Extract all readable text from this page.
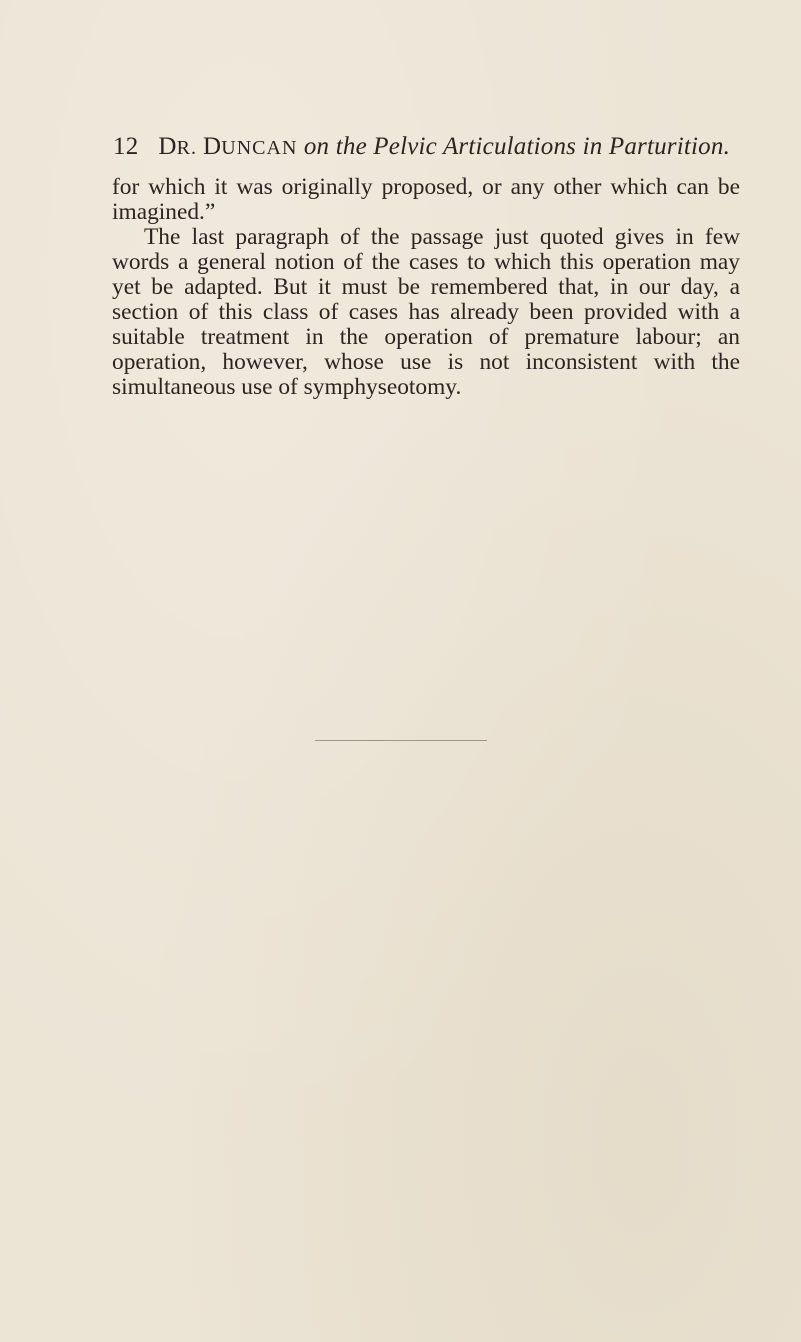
12 DR. DUNCAN on the Pelvic Articulations in Parturition.

for which it was originally proposed, or any other which can be imagined.”

The last paragraph of the passage just quoted gives in few words a general notion of the cases to which this operation may yet be adapted. But it must be remembered that, in our day, a section of this class of cases has already been provided with a suitable treatment in the operation of premature labour; an operation, however, whose use is not inconsistent with the simultaneous use of symphyseotomy.
